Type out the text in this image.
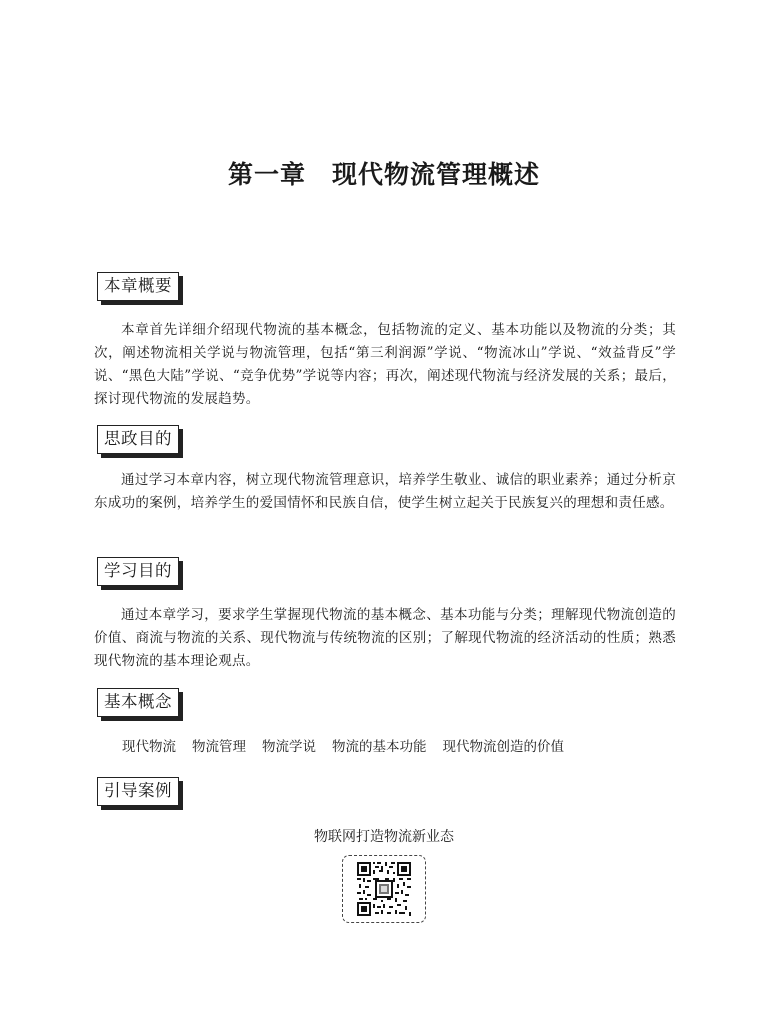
第一章 现代物流管理概述
本章概要

本章首先详细介绍现代物流的基本概念，包括物流的定义、基本功能以及物流的分类；其次，阐述物流相关学说与物流管理，包括“第三利润源”学说、“物流冰山”学说、“效益背反”学说、“黑色大陆”学说、“竞争优势”学说等内容；再次，阐述现代物流与经济发展的关系；最后，探讨现代物流的发展趋势。

思政目的

通过学习本章内容，树立现代物流管理意识，培养学生敬业、诚信的职业素养；通过分析京东成功的案例，培养学生的爱国情怀和民族自信，使学生树立起关于民族复兴的理想和责任感。

学习目的

通过本章学习，要求学生掌握现代物流的基本概念、基本功能与分类；理解现代物流创造的价值、商流与物流的关系、现代物流与传统物流的区别；了解现代物流的经济活动的性质；熟悉现代物流的基本理论观点。

基本概念
现代物流 物流管理 物流学说 物流的基本功能 现代物流创造的价值
引导案例
物联网打造物流新业态
